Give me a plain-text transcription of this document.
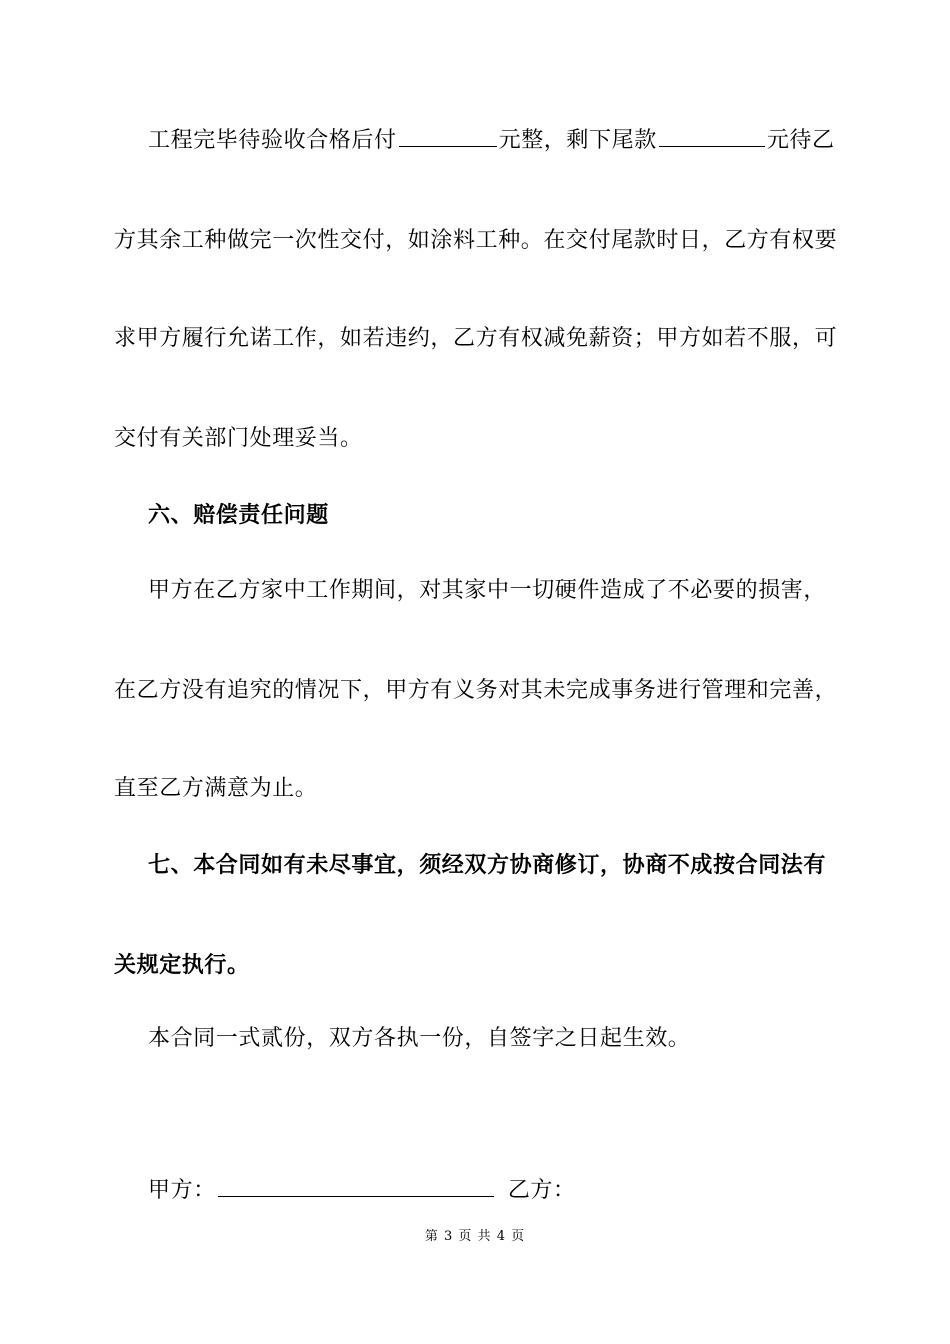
工程完毕待验收合格后付	元整，剩下尾款	元待乙
方其余工种做完一次性交付，如涂料工种。在交付尾款时日，乙方有权要
求甲方履行允诺工作，如若违约，乙方有权减免薪资；甲方如若不服，可
交付有关部门处理妥当。
六、赔偿责任问题
甲方在乙方家中工作期间，对其家中一切硬件造成了不必要的损害，
在乙方没有追究的情况下，甲方有义务对其未完成事务进行管理和完善，
直至乙方满意为止。
七、本合同如有未尽事宜，须经双方协商修订，协商不成按合同法有
关规定执行。
本合同一式贰份，双方各执一份，自签字之日起生效。
甲方：	乙方：
第 3 页 共 4 页
